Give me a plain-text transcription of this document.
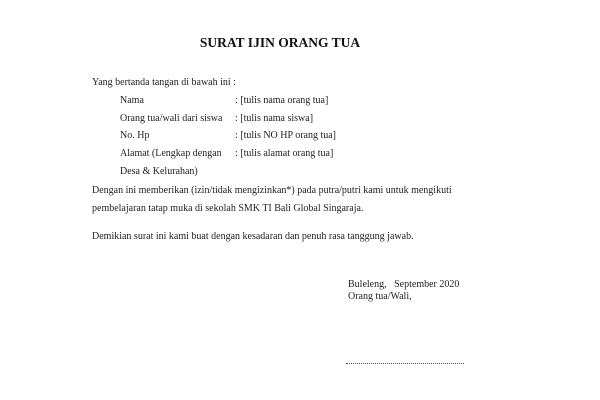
SURAT IJIN ORANG TUA
Yang bertanda tangan di bawah ini :
Nama	: [tulis nama orang tua]
Orang tua/wali dari siswa : [tulis nama siswa]
No. Hp	: [tulis NO HP orang tua]
Alamat (Lengkap dengan : [tulis alamat orang tua]
Desa & Kelurahan)
Dengan ini memberikan (izin/tidak mengizinkan*) pada putra/putri kami untuk mengikuti
pembelajaran tatap muka di sekolah SMK TI Bali Global Singaraja.
Demikian surat ini kami buat dengan kesadaran dan penuh rasa tanggung jawab.
Buleleng,   September 2020
Orang tua/Wali,
